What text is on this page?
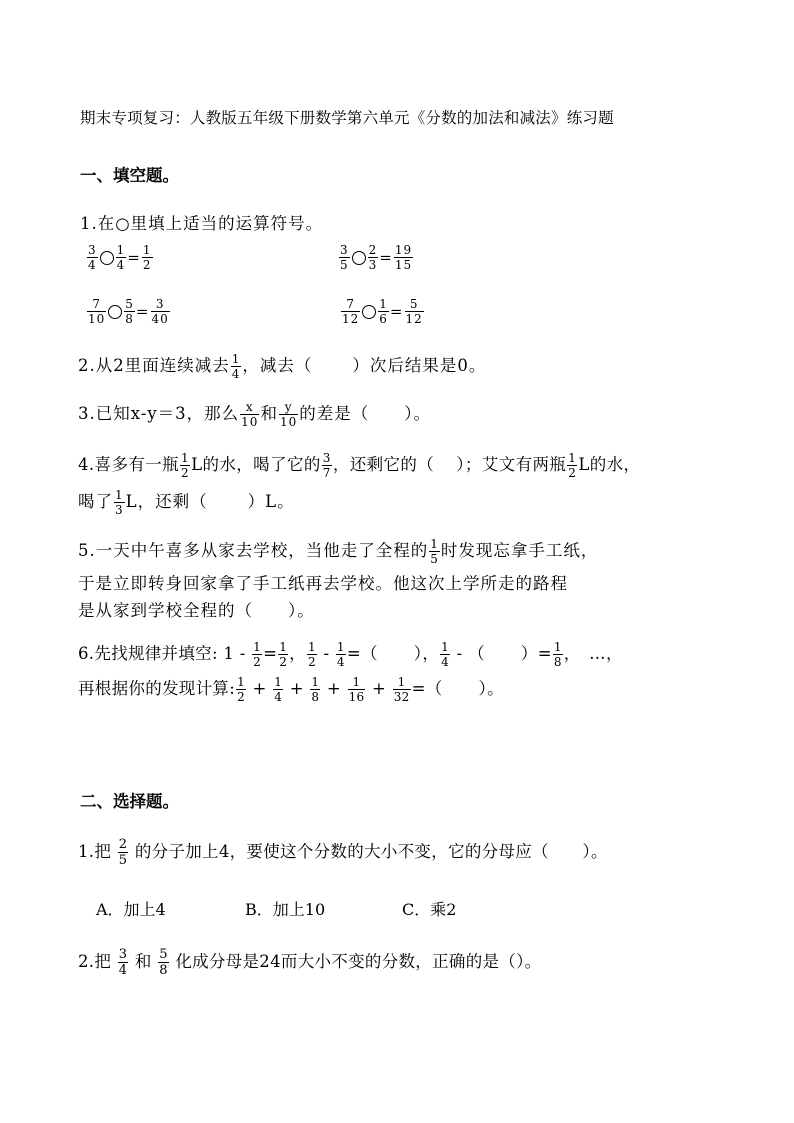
期末专项复习：人教版五年级下册数学第六单元《分数的加法和减法》练习题
一、填空题。
1.在○里填上适当的运算符号。
$\frac{3}{4} \frac{1}{4} = \frac{1}{2}$	$\frac{3}{5} \frac{2}{3} = \frac{19}{15}$
$\frac{7}{10} \frac{5}{8} = \frac{3}{40}$	$\frac{7}{12} \frac{1}{6} = \frac{5}{12}$
2.从2里面连续减去 $\frac{1}{4}$ ，减去（ ）次后结果是0。
3.已知x-y＝3，那么 $\frac{x}{10}$ 和 $\frac{y}{10}$ 的差是（　　）。
4.喜多有一瓶 $\frac{1}{2}$ L的水，喝了它的 $\frac{3}{7}$ ，还剩它的（ ）；艾文有两瓶 $\frac{1}{2}$ L的水，
喝了 $\frac{1}{3}$ L，还剩（ ）L。
5.一天中午喜多从家去学校，当他走了全程的 $\frac{1}{5}$ 时发现忘拿手工纸，
于是立即转身回家拿了手工纸再去学校。他这次上学所走的路程
是从家到学校全程的（　　）。
6.先找规律并填空: $1 - \frac{1}{2} = \frac{1}{2}$ ， $\frac{1}{2} - \frac{1}{4}$ =（ ）， $\frac{1}{4}$ - （ ）= $\frac{1}{8}$ ，　…，
再根据你的发现计算: $\frac{1}{2} + \frac{1}{4} + \frac{1}{8} + \frac{1}{16} + \frac{1}{32}$ =（ ）。
二、选择题。
1.把 $\frac{2}{5}$ 的分子加上4，要使这个分数的大小不变，它的分母应（　　）。
A．加上4	B．加上10	C．乘2
2.把 $\frac{3}{4}$ 和 $\frac{5}{8}$ 化成分母是24而大小不变的分数，正确的是（）。
